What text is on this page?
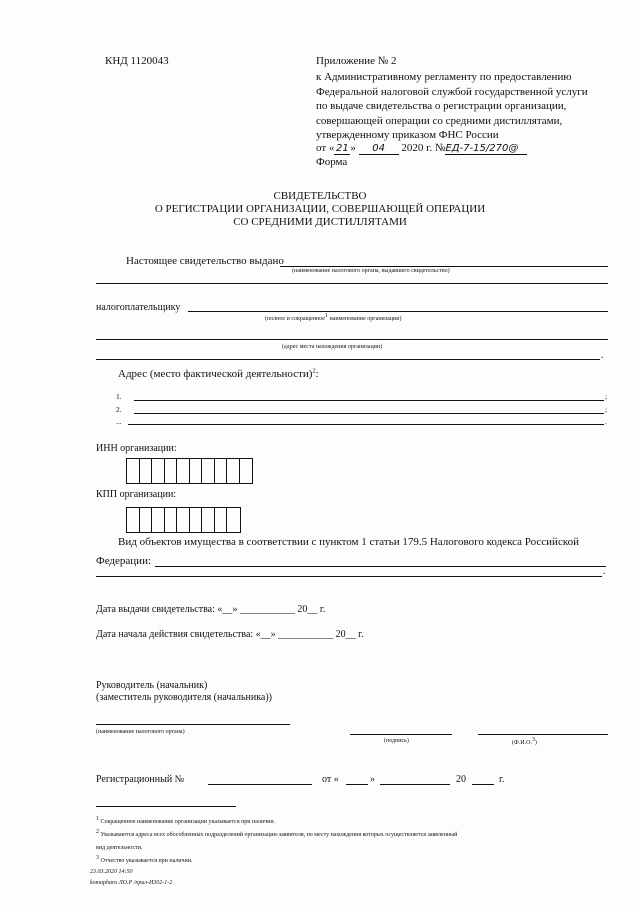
КНД 1120043	Приложение № 2
к Административному регламенту по предоставлению
Федеральной налоговой службой государственной услуги
по выдаче свидетельства о регистрации организации,
совершающей операции со средними дистиллятами,
утвержденному приказом ФНС России
от « 21 » 04 2020 г. №ЕД-7-15/270@
Форма
СВИДЕТЕЛЬСТВО
О РЕГИСТРАЦИИ ОРГАНИЗАЦИИ, СОВЕРШАЮЩЕЙ ОПЕРАЦИИ
СО СРЕДНИМИ ДИСТИЛЛЯТАМИ
Настоящее свидетельство выдано
(наименование налогового органа, выдавшего свидетельство)
налогоплательщику
(полное и сокращенное$^1$ наименование организации)
(адрес места нахождения организации)
.
Адрес (место фактической деятельности)$^2$:
1.	;
2.	;
...	.
ИНН организации:
КПП организации:
Вид объектов имущества в соответствии с пунктом 1 статьи 179.5 Налогового кодекса Российской
Федерации:
.
Дата выдачи свидетельства: «__» ___________ 20__ г.
Дата начала действия свидетельства: «__» ___________ 20__ г.
Руководитель (начальник)
(заместитель руководителя (начальника))
(наименование налогового органа)
(подпись)	(Ф.И.О.$^3$)
Регистрационный №	от «	»	20	г.
$^1$ Сокращенное наименование организации указывается при наличии.
$^2$ Указываются адреса всех обособленных подразделений организации-заявителя, по месту нахождения которых осуществляется заявленный
вид деятельности.
$^3$ Отчество указывается при наличии.
23.03.2020 14:50
komapharo ЛО.Р /прил-И302-1-2
